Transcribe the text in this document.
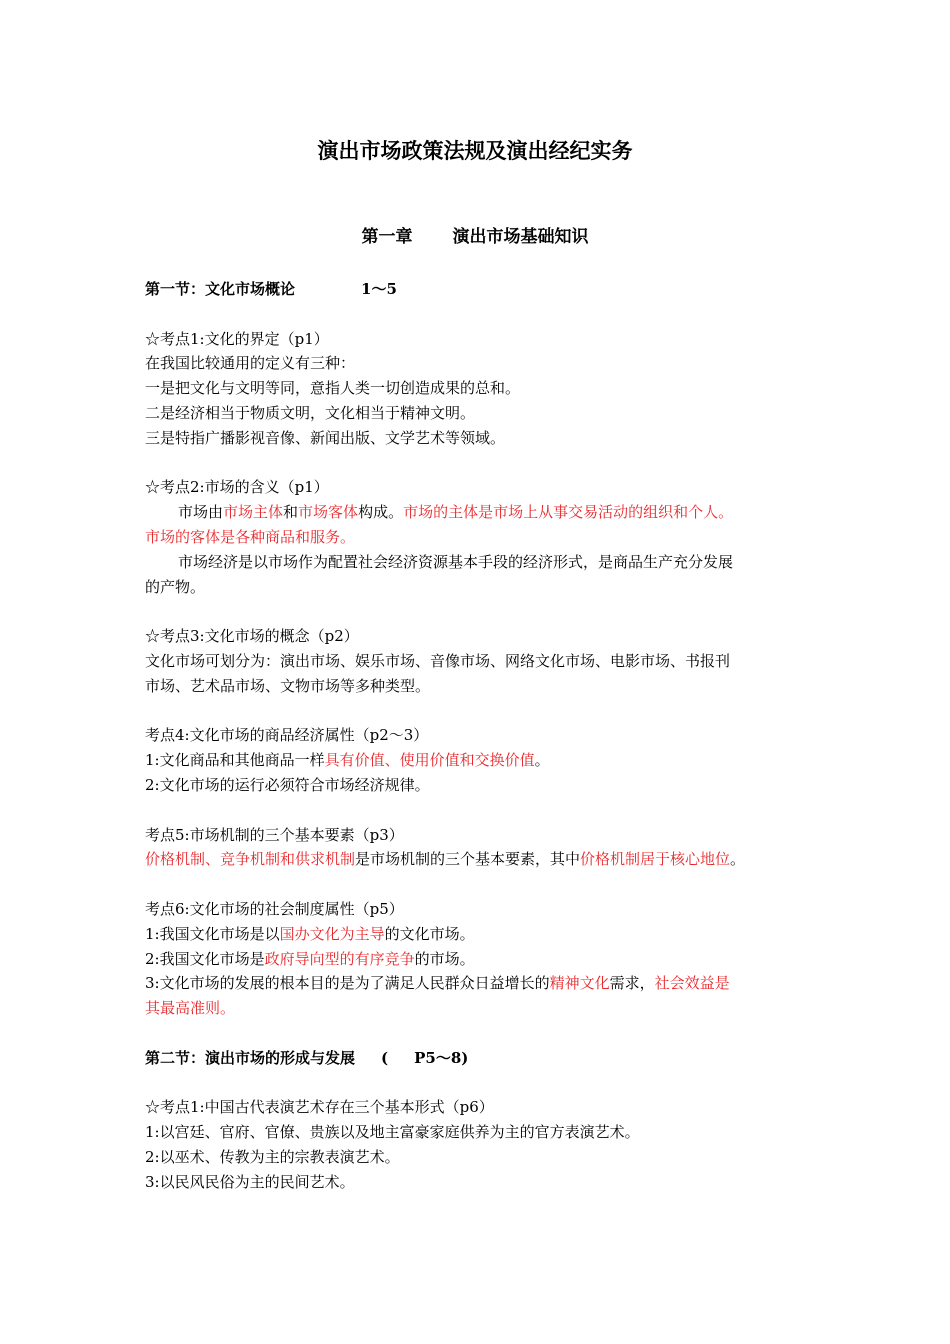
演出市场政策法规及演出经纪实务
第一章 演出市场基础知识
第一节：文化市场概论	1～5
☆考点1:文化的界定（p1）
在我国比较通用的定义有三种：
一是把文化与文明等同，意指人类一切创造成果的总和。
二是经济相当于物质文明，文化相当于精神文明。
三是特指广播影视音像、新闻出版、文学艺术等领域。
☆考点2:市场的含义（p1）
市场由市场主体和市场客体构成。市场的主体是市场上从事交易活动的组织和个人。
市场的客体是各种商品和服务。
市场经济是以市场作为配置社会经济资源基本手段的经济形式，是商品生产充分发展
的产物。
☆考点3:文化市场的概念（p2）
文化市场可划分为：演出市场、娱乐市场、音像市场、网络文化市场、电影市场、书报刊
市场、艺术品市场、文物市场等多种类型。
考点4:文化市场的商品经济属性（p2～3）
1:文化商品和其他商品一样具有价值、使用价值和交换价值。
2:文化市场的运行必须符合市场经济规律。
考点5:市场机制的三个基本要素（p3）
价格机制、竞争机制和供求机制是市场机制的三个基本要素，其中价格机制居于核心地位。
考点6:文化市场的社会制度属性（p5）
1:我国文化市场是以国办文化为主导的文化市场。
2:我国文化市场是政府导向型的有序竞争的市场。
3:文化市场的发展的根本目的是为了满足人民群众日益增长的精神文化需求，社会效益是
其最高准则。
第二节：演出市场的形成与发展 ( P5～8)
☆考点1:中国古代表演艺术存在三个基本形式（p6）
1:以宫廷、官府、官僚、贵族以及地主富豪家庭供养为主的官方表演艺术。
2:以巫术、传教为主的宗教表演艺术。
3:以民风民俗为主的民间艺术。
